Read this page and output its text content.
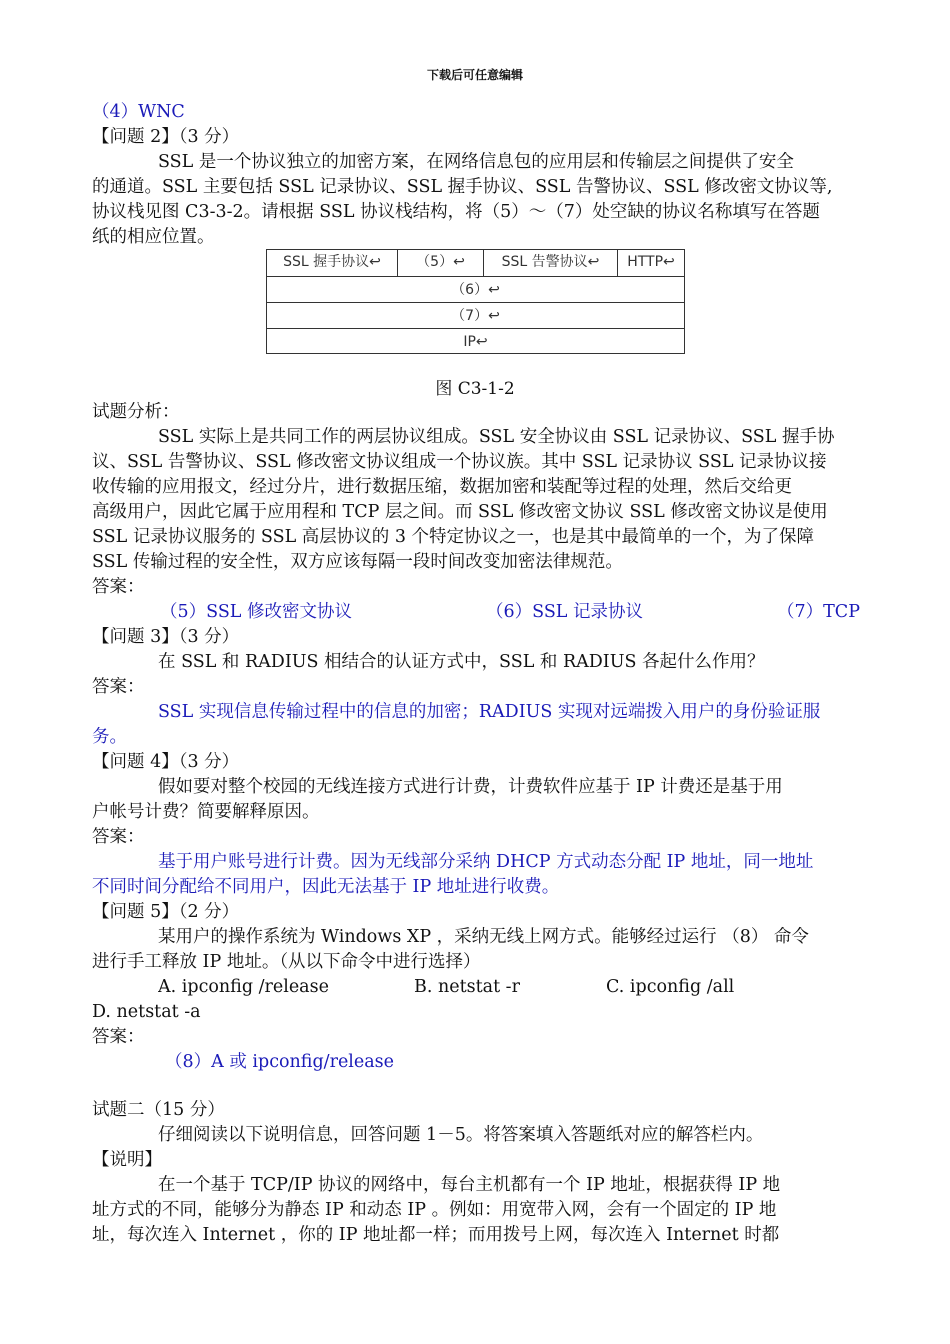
下载后可任意编辑
（4）WNC
【问题 2】（3 分）
SSL 是一个协议独立的加密方案，在网络信息包的应用层和传输层之间提供了安全
的通道。SSL 主要包括 SSL 记录协议、SSL 握手协议、SSL 告警协议、SSL 修改密文协议等,
协议栈见图 C3-3-2。请根据 SSL 协议栈结构，将（5）～（7）处空缺的协议名称填写在答题
纸的相应位置。
SSL 握手协议↩	（5）↩	SSL 告警协议↩	HTTP↩
（6）↩
（7）↩
IP↩
图 C3-1-2
试题分析：
SSL 实际上是共同工作的两层协议组成。SSL 安全协议由 SSL 记录协议、SSL 握手协
议、SSL 告警协议、SSL 修改密文协议组成一个协议族。其中 SSL 记录协议 SSL 记录协议接
收传输的应用报文，经过分片，进行数据压缩，数据加密和装配等过程的处理，然后交给更
高级用户，因此它属于应用程和 TCP 层之间。而 SSL 修改密文协议 SSL 修改密文协议是使用
SSL 记录协议服务的 SSL 高层协议的 3 个特定协议之一，也是其中最简单的一个，为了保障
SSL 传输过程的安全性，双方应该每隔一段时间改变加密法律规范。
答案：
（5）SSL 修改密文协议	（6）SSL 记录协议	（7）TCP
【问题 3】（3 分）
在 SSL 和 RADIUS 相结合的认证方式中，SSL 和 RADIUS 各起什么作用？
答案：
SSL 实现信息传输过程中的信息的加密；RADIUS 实现对远端拨入用户的身份验证服
务。
【问题 4】（3 分）
假如要对整个校园的无线连接方式进行计费，计费软件应基于 IP 计费还是基于用
户帐号计费？简要解释原因。
答案：
基于用户账号进行计费。因为无线部分采纳 DHCP 方式动态分配 IP 地址，同一地址
不同时间分配给不同用户，因此无法基于 IP 地址进行收费。
【问题 5】（2 分）
某用户的操作系统为 Windows XP ，采纳无线上网方式。能够经过运行 （8） 命令
进行手工释放 IP 地址。（从以下命令中进行选择）
A. ipconfig /release	B. netstat -r	C. ipconfig /all
D. netstat -a
答案：
（8）A 或 ipconfig/release
试题二（15 分）
仔细阅读以下说明信息，回答问题 1－5。将答案填入答题纸对应的解答栏内。
【说明】
在一个基于 TCP/IP 协议的网络中，每台主机都有一个 IP 地址，根据获得 IP 地
址方式的不同，能够分为静态 IP 和动态 IP 。例如：用宽带入网，会有一个固定的 IP 地
址，每次连入 Internet ，你的 IP 地址都一样；而用拨号上网，每次连入 Internet 时都
